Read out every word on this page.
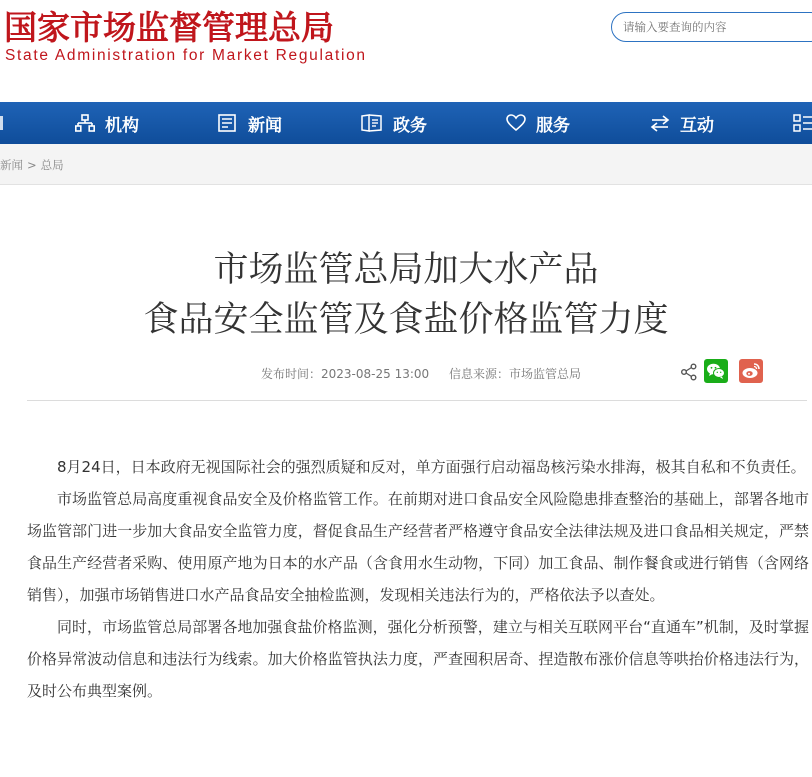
国家市场监督管理总局
State Administration for Market Regulation
请输入要查询的内容
机构	新闻	政务	服务	互动
新闻 > 总局
市场监管总局加大水产品
食品安全监管及食盐价格监管力度
发布时间：2023-08-25 13:00 信息来源：市场监管总局

8月24日，日本政府无视国际社会的强烈质疑和反对，单方面强行启动福岛核污染水排海，极其自私和不负责任。

市场监管总局高度重视食品安全及价格监管工作。在前期对进口食品安全风险隐患排查整治的基础上，部署各地市场监管部门进一步加大食品安全监管力度，督促食品生产经营者严格遵守食品安全法律法规及进口食品相关规定，严禁食品生产经营者采购、使用原产地为日本的水产品（含食用水生动物，下同）加工食品、制作餐食或进行销售（含网络销售），加强市场销售进口水产品食品安全抽检监测，发现相关违法行为的，严格依法予以查处。

同时，市场监管总局部署各地加强食盐价格监测，强化分析预警，建立与相关互联网平台“直通车”机制，及时掌握价格异常波动信息和违法行为线索。加大价格监管执法力度，严查囤积居奇、捏造散布涨价信息等哄抬价格违法行为，及时公布典型案例。
